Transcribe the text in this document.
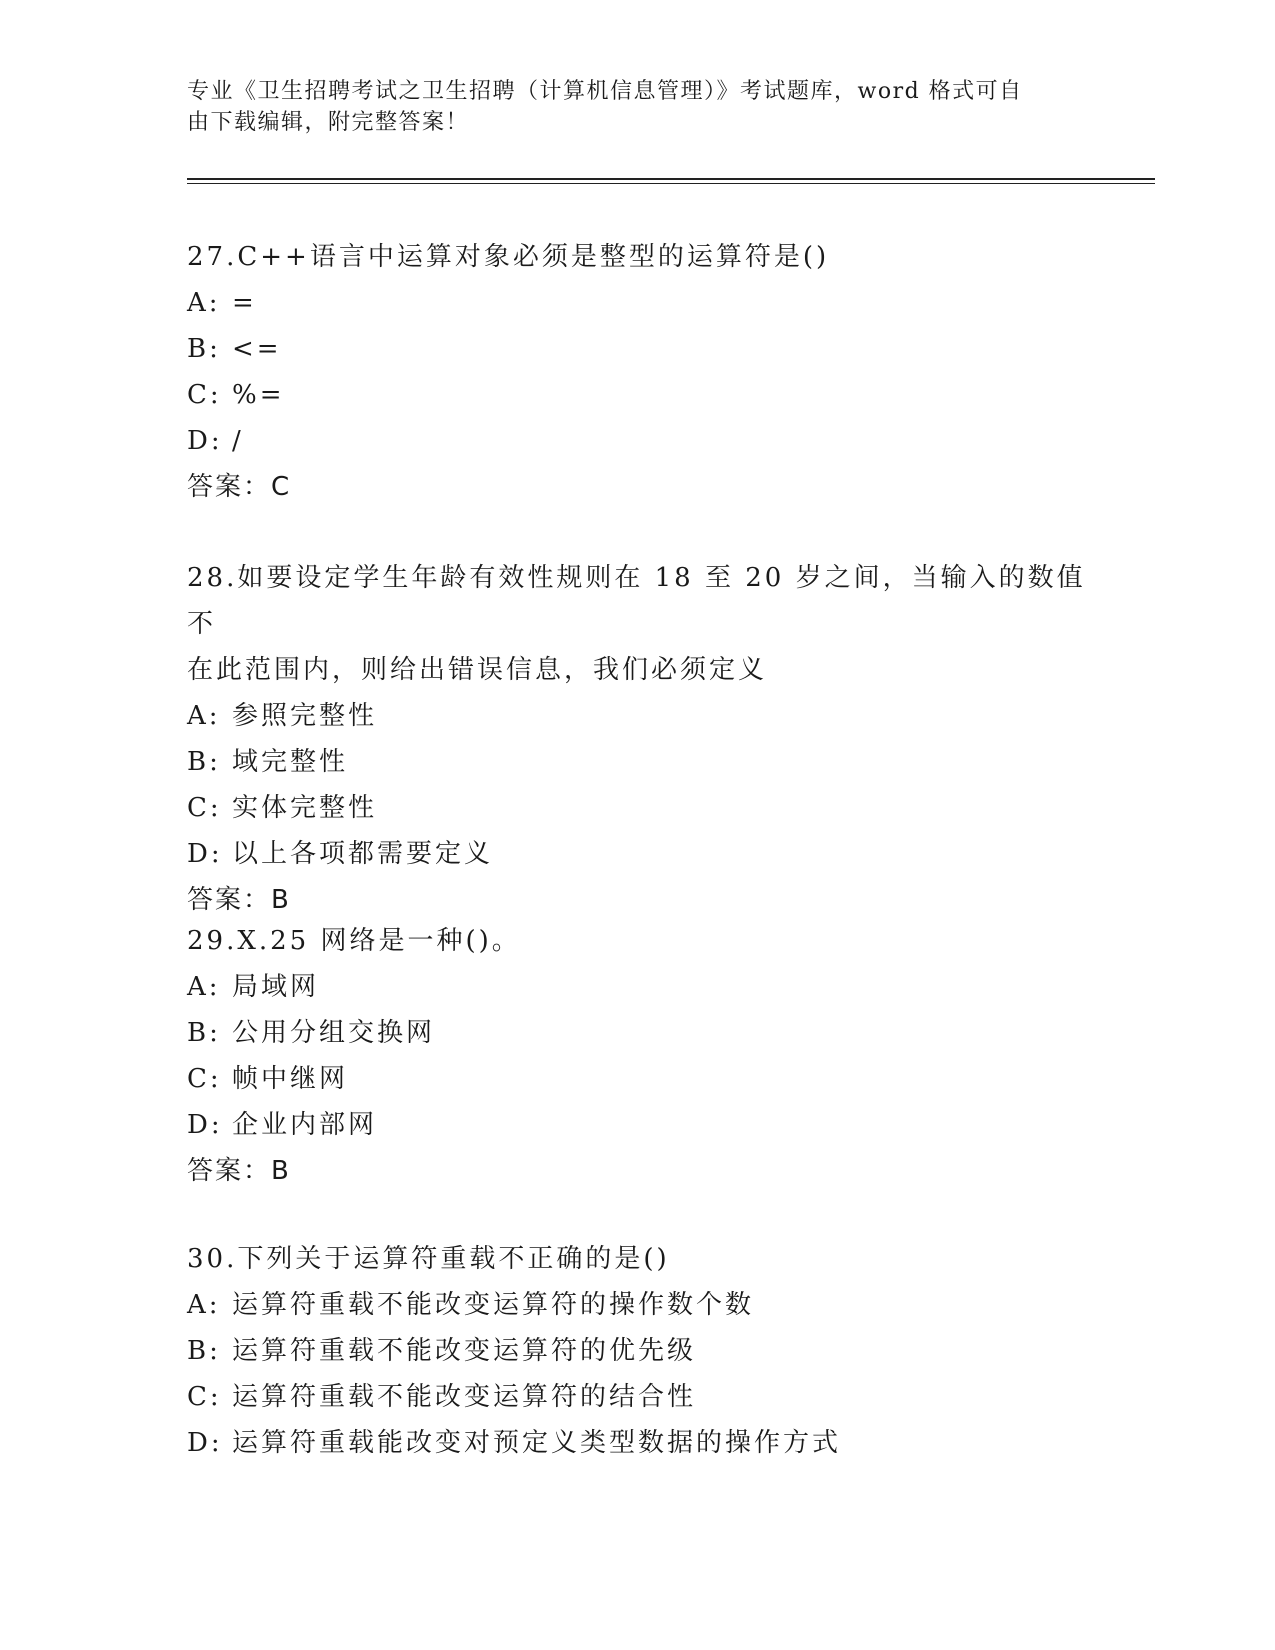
专业《卫生招聘考试之卫生招聘（计算机信息管理）》考试题库，word 格式可自
由下载编辑，附完整答案！
27.C++语言中运算对象必须是整型的运算符是()
A: =
B: <=
C: %=
D: /
答案：C
28.如要设定学生年龄有效性规则在 18 至 20 岁之间，当输入的数值不
在此范围内，则给出错误信息，我们必须定义
A: 参照完整性
B: 域完整性
C: 实体完整性
D: 以上各项都需要定义
答案：B
29.X.25 网络是一种()。
A: 局域网
B: 公用分组交换网
C: 帧中继网
D: 企业内部网
答案：B
30.下列关于运算符重载不正确的是()
A: 运算符重载不能改变运算符的操作数个数
B: 运算符重载不能改变运算符的优先级
C: 运算符重载不能改变运算符的结合性
D: 运算符重载能改变对预定义类型数据的操作方式
